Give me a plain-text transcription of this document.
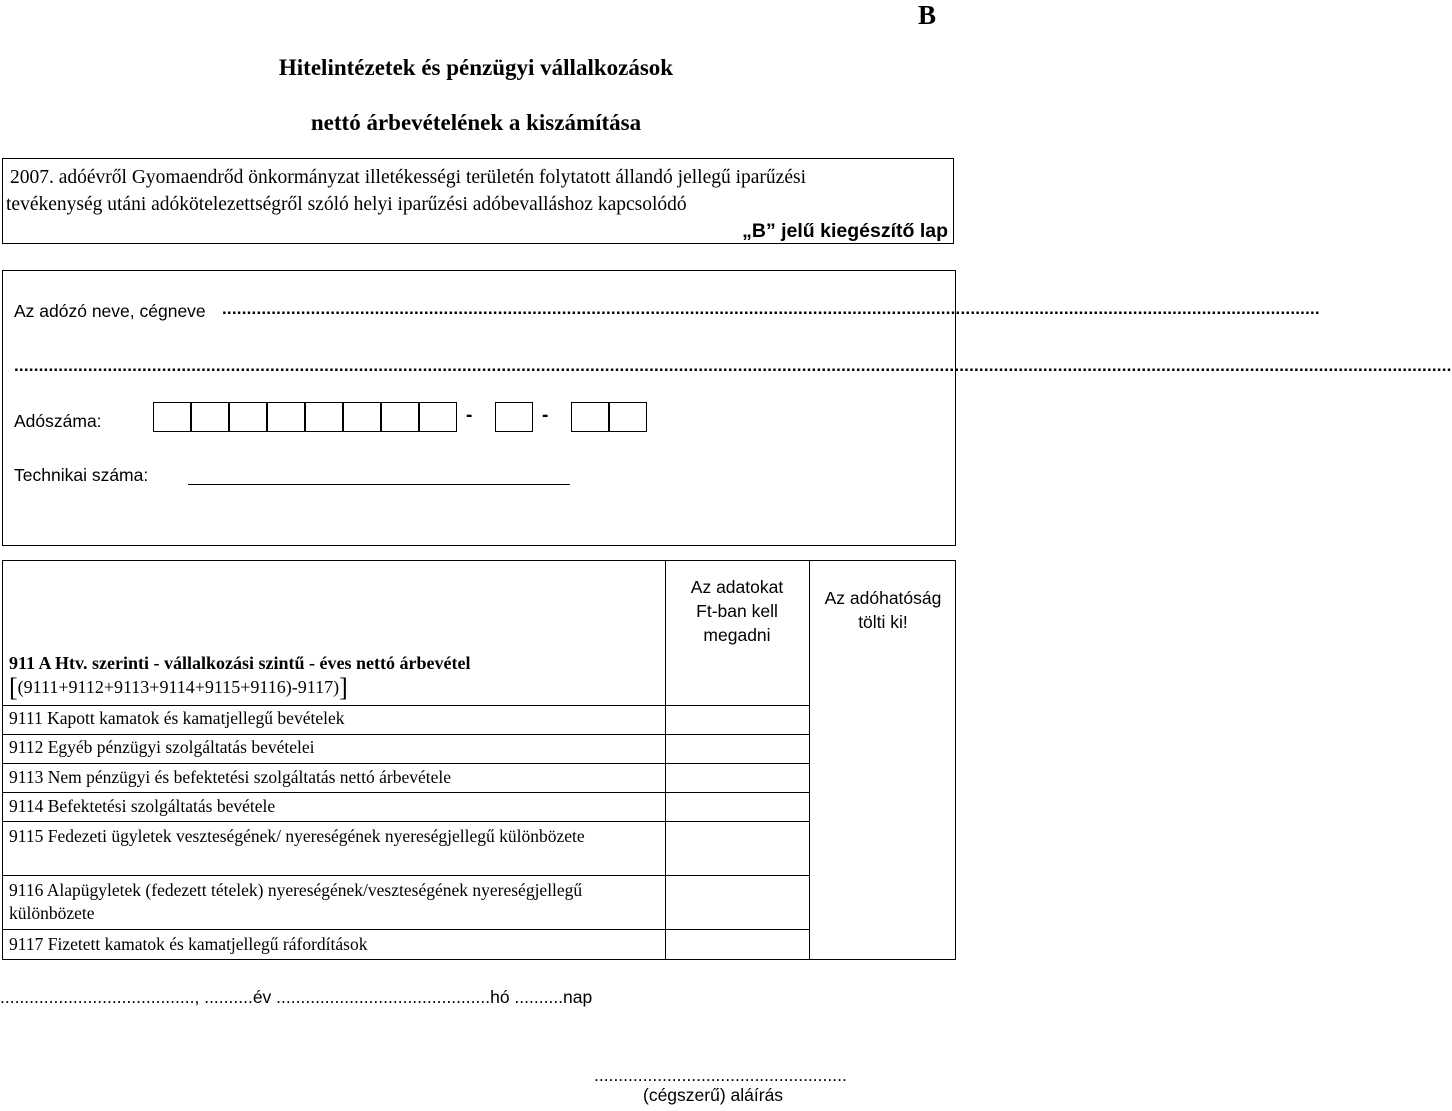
B
Hitelintézetek és pénzügyi vállalkozások
nettó árbevételének a kiszámítása
2007. adóévről Gyomaendrőd önkormányzat illetékességi területén folytatott állandó jellegű iparűzési
tevékenység utáni adókötelezettségről szóló helyi iparűzési adóbevalláshoz kapcsolódó
„B” jelű kiegészítő lap
Az adózó neve, cégneve ...............................................................................................................................................................................................................................
....................................................................................................................................................................................................................................................................................................
Adószáma:	-	-
Technikai száma:
Az adatokat
Ft-ban kell
megadni
Az adóhatóság
tölti ki!
911 A Htv. szerinti - vállalkozási szintű - éves nettó árbevétel
[(9111+9112+9113+9114+9115+9116)-9117)]
9111 Kapott kamatok és kamatjellegű bevételek
9112 Egyéb pénzügyi szolgáltatás bevételei
9113 Nem pénzügyi és befektetési szolgáltatás nettó árbevétele
9114 Befektetési szolgáltatás bevétele
9115 Fedezeti ügyletek veszteségének/ nyereségének nyereségjellegű különbözete
9116 Alapügyletek (fedezett tételek) nyereségének/veszteségének nyereségjellegű különbözete
9117 Fizetett kamatok és kamatjellegű ráfordítások
........................................, ..........év ............................................hó ..........nap
....................................................
(cégszerű) aláírás
